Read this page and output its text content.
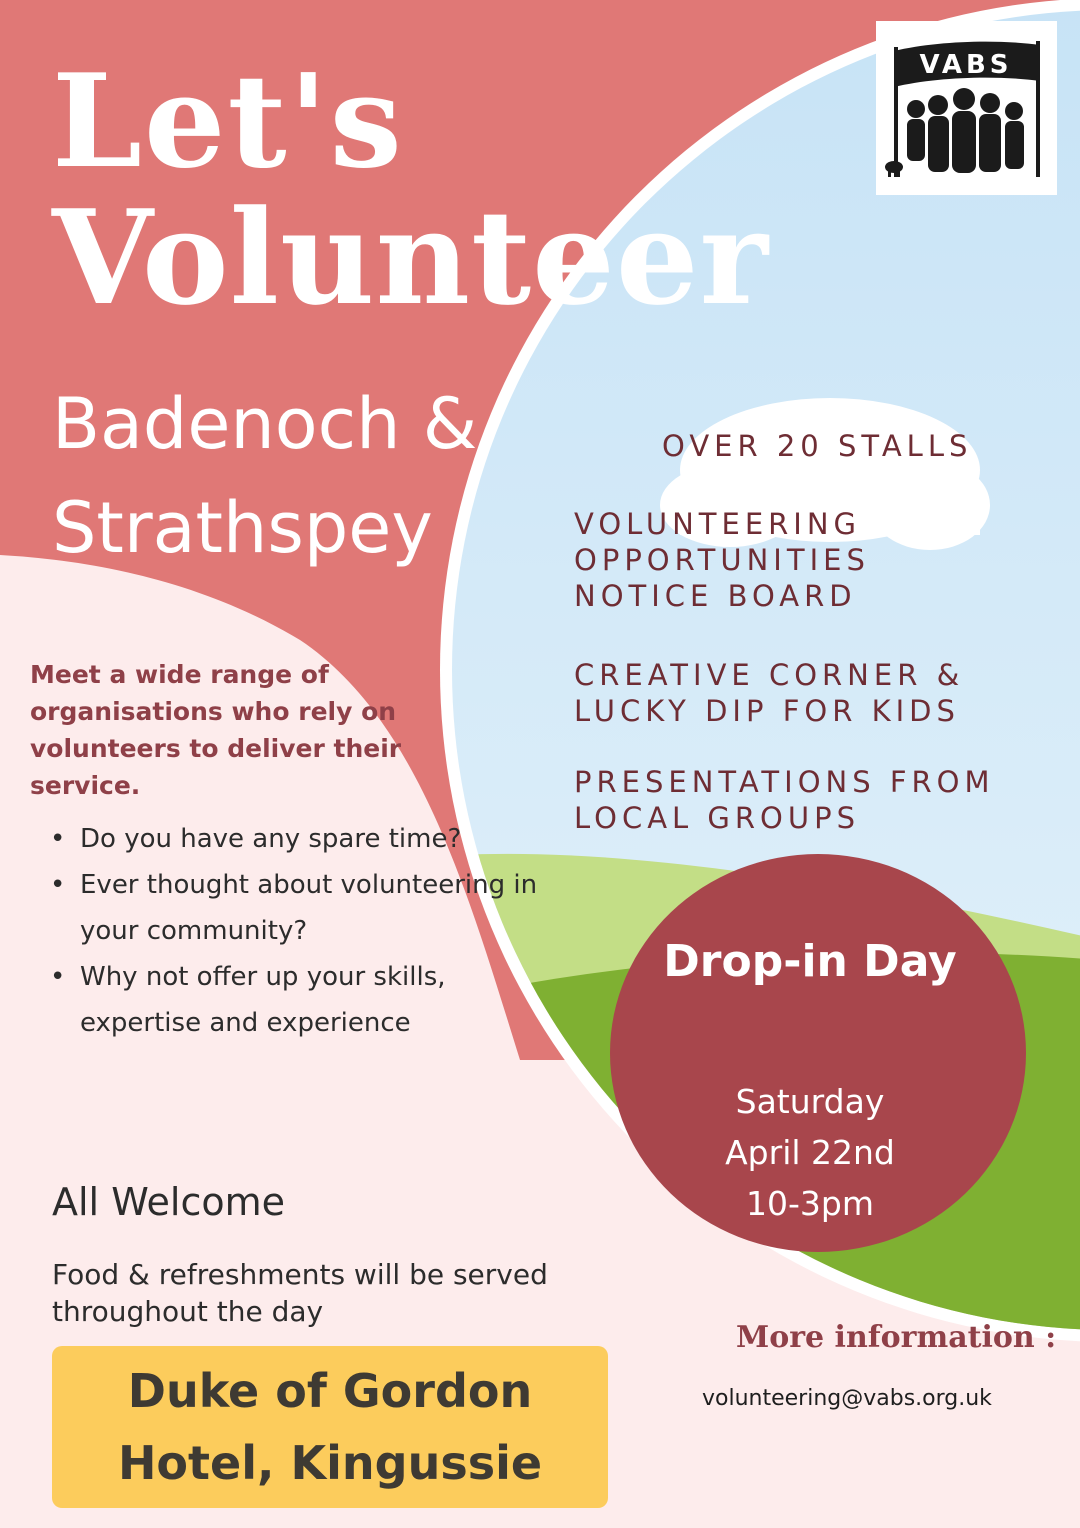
Let's
Volunteer
Badenoch & Strathspey
VABS
OVER 20 STALLS
VOLUNTEERING OPPORTUNITIES NOTICE BOARD
CREATIVE CORNER & LUCKY DIP FOR KIDS
PRESENTATIONS FROM LOCAL GROUPS
Meet a wide range of organisations who rely on volunteers to deliver their service.
• Do you have any spare time?
• Ever thought about volunteering in your community?
• Why not offer up your skills, expertise and experience
All Welcome
Food & refreshments will be served throughout the day
Duke of Gordon Hotel, Kingussie
Drop-in Day
Saturday
April 22nd
10-3pm
More information :
volunteering@vabs.org.uk
